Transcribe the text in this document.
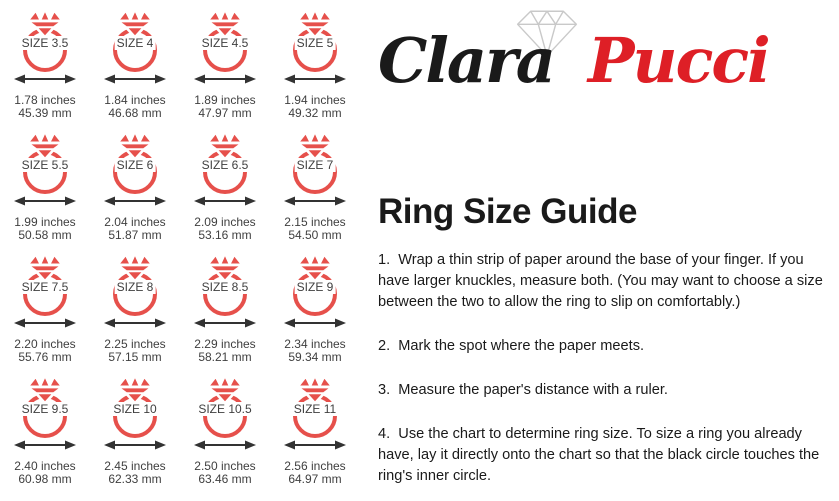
SIZE 3.5
1.78 inches
45.39 mm
SIZE 4
1.84 inches
46.68 mm
SIZE 4.5
1.89 inches
47.97 mm
SIZE 5
1.94 inches
49.32 mm
SIZE 5.5
1.99 inches
50.58 mm
SIZE 6
2.04 inches
51.87 mm
SIZE 6.5
2.09 inches
53.16 mm
SIZE 7
2.15 inches
54.50 mm
SIZE 7.5
2.20 inches
55.76 mm
SIZE 8
2.25 inches
57.15 mm
SIZE 8.5
2.29 inches
58.21 mm
SIZE 9
2.34 inches
59.34 mm
SIZE 9.5
2.40 inches
60.98 mm
SIZE 10
2.45 inches
62.33 mm
SIZE 10.5
2.50 inches
63.46 mm
SIZE 11
2.56 inches
64.97 mm
Clara Pucci
Ring Size Guide

1.  Wrap a thin strip of paper around the base of your finger. If you have larger knuckles, measure both. (You may want to choose a size between the two to allow the ring to slip on comfortably.)

2.  Mark the spot where the paper meets.

3.  Measure the paper's distance with a ruler.

4.  Use the chart to determine ring size. To size a ring you already have, lay it directly onto the chart so that the black circle touches the ring's inner circle.
